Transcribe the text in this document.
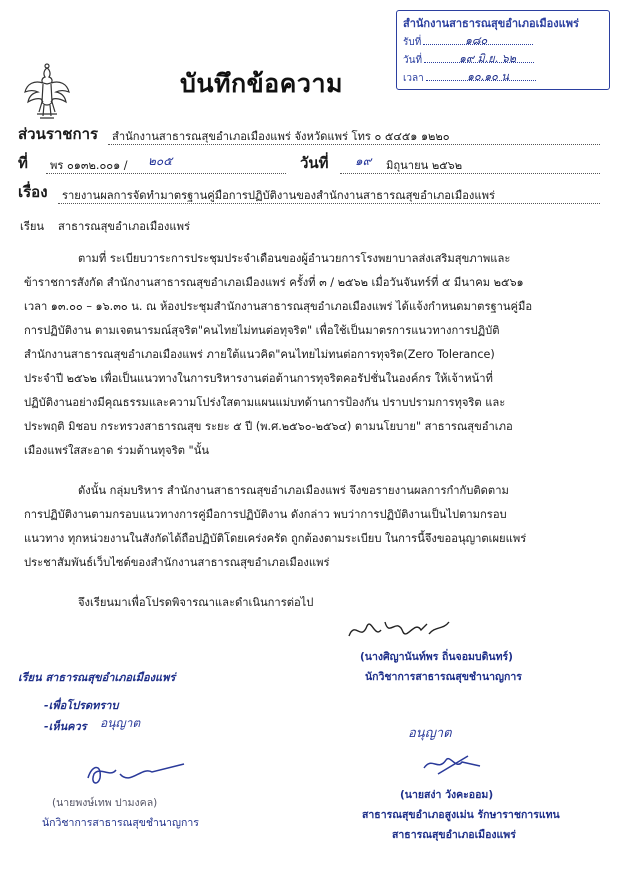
บันทึกข้อความ
สำนักงานสาธารณสุขอำเภอเมืองแพร่
รับที่	๑๘๐
วันที่	๑๙ มิ.ย. ๖๒
เวลา	๑๐.๑๐ น
ส่วนราชการ สำนักงานสาธารณสุขอำเภอเมืองแพร่ จังหวัดแพร่ โทร ๐ ๕๔๕๑ ๑๒๒๐
ที่ พร ๐๑๓๒.๐๐๑ / ๒๐๕	วันที่ ๑๙ มิถุนายน ๒๕๖๒
เรื่อง รายงานผลการจัดทำมาตรฐานคู่มือการปฏิบัติงานของสำนักงานสาธารณสุขอำเภอเมืองแพร่
เรียน สาธารณสุขอำเภอเมืองแพร่
ตามที่ ระเบียบวาระการประชุมประจำเดือนของผู้อำนวยการโรงพยาบาลส่งเสริมสุขภาพและ
ข้าราชการสังกัด สำนักงานสาธารณสุขอำเภอเมืองแพร่ ครั้งที่ ๓ / ๒๕๖๒ เมื่อวันจันทร์ที่ ๕ มีนาคม ๒๕๖๑
เวลา ๑๓.๐๐ – ๑๖.๓๐ น. ณ ห้องประชุมสำนักงานสาธารณสุขอำเภอเมืองแพร่ ได้แจ้งกำหนดมาตรฐานคู่มือ
การปฏิบัติงาน ตามเจตนารมณ์สุจริต"คนไทยไม่ทนต่อทุจริต" เพื่อใช้เป็นมาตรการแนวทางการปฏิบัติ
สำนักงานสาธารณสุขอำเภอเมืองแพร่ ภายใต้แนวคิด"คนไทยไม่ทนต่อการทุจริต(Zero Tolerance)
ประจำปี ๒๕๖๒ เพื่อเป็นแนวทางในการบริหารงานต่อต้านการทุจริตคอรัปชั่นในองค์กร ให้เจ้าหน้าที่
ปฏิบัติงานอย่างมีคุณธรรมและความโปร่งใสตามแผนแม่บทด้านการป้องกัน ปราบปรามการทุจริต และ
ประพฤติ มิชอบ กระทรวงสาธารณสุข ระยะ ๕ ปี (พ.ศ.๒๕๖๐-๒๕๖๔) ตามนโยบาย" สาธารณสุขอำเภอ
เมืองแพร่ใสสะอาด ร่วมต้านทุจริต "นั้น
ดังนั้น กลุ่มบริหาร สำนักงานสาธารณสุขอำเภอเมืองแพร่ จึงขอรายงานผลการกำกับติดตาม
การปฏิบัติงานตามกรอบแนวทางการคู่มือการปฏิบัติงาน ดังกล่าว พบว่าการปฏิบัติงานเป็นไปตามกรอบ
แนวทาง ทุกหน่วยงานในสังกัดได้ถือปฏิบัติโดยเคร่งครัด ถูกต้องตามระเบียบ ในการนี้จึงขออนุญาตเผยแพร่
ประชาสัมพันธ์เว็บไซต์ของสำนักงานสาธารณสุขอำเภอเมืองแพร่
จึงเรียนมาเพื่อโปรดพิจารณาและดำเนินการต่อไป
(นางศิญานันท์พร ถิ่นจอมบดินทร์)
นักวิชาการสาธารณสุขชำนาญการ
เรียน สาธารณสุขอำเภอเมืองแพร่
-เพื่อโปรดทราบ
-เห็นควร อนุญาต
(นายพงษ์เทพ ปามงคล)
นักวิชาการสาธารณสุขชำนาญการ
อนุญาต
(นายสง่า วังคะออม)
สาธารณสุขอำเภอสูงเม่น รักษาราชการแทน
สาธารณสุขอำเภอเมืองแพร่
